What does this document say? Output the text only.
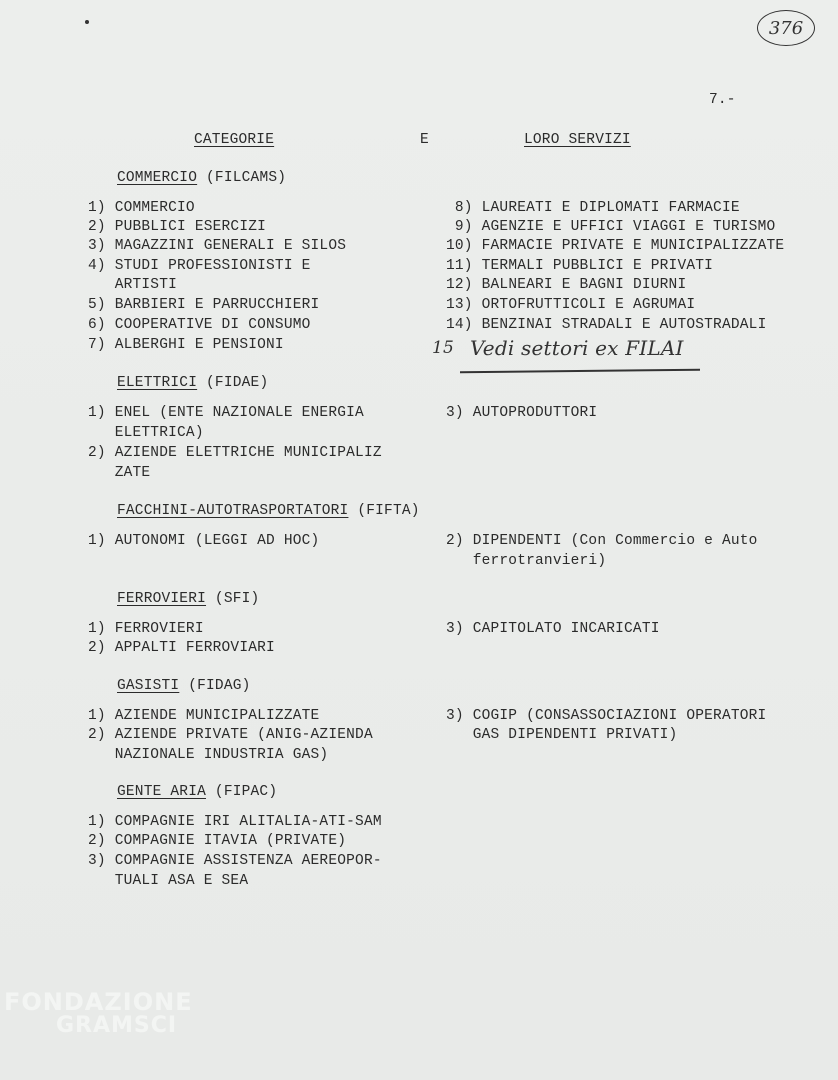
376
7.-
CATEGORIE	E	LORO SERVIZI
COMMERCIO (FILCAMS)
1) COMMERCIO
2) PUBBLICI ESERCIZI
3) MAGAZZINI GENERALI E SILOS
4) STUDI PROFESSIONISTI E
ARTISTI
5) BARBIERI E PARRUCCHIERI
6) COOPERATIVE DI CONSUMO
7) ALBERGHI E PENSIONI
8) LAUREATI E DIPLOMATI FARMACIE
9) AGENZIE E UFFICI VIAGGI E TURISMO
10) FARMACIE PRIVATE E MUNICIPALIZZATE
11) TERMALI PUBBLICI E PRIVATI
12) BALNEARI E BAGNI DIURNI
13) ORTOFRUTTICOLI E AGRUMAI
14) BENZINAI STRADALI E AUTOSTRADALI
15 Vedi settori ex FILAI
ELETTRICI (FIDAE)
1) ENEL (ENTE NAZIONALE ENERGIA
ELETTRICA)
2) AZIENDE ELETTRICHE MUNICIPALIZ
ZATE
3) AUTOPRODUTTORI
FACCHINI-AUTOTRASPORTATORI (FIFTA)
1) AUTONOMI (LEGGI AD HOC)	2) DIPENDENTI (Con Commercio e Auto
ferrotranvieri)
FERROVIERI (SFI)
1) FERROVIERI
2) APPALTI FERROVIARI
3) CAPITOLATO INCARICATI
GASISTI (FIDAG)
1) AZIENDE MUNICIPALIZZATE
2) AZIENDE PRIVATE (ANIG-AZIENDA
NAZIONALE INDUSTRIA GAS)
3) COGIP (CONSASSOCIAZIONI OPERATORI
GAS DIPENDENTI PRIVATI)
GENTE ARIA (FIPAC)
1) COMPAGNIE IRI ALITALIA-ATI-SAM
2) COMPAGNIE ITAVIA (PRIVATE)
3) COMPAGNIE ASSISTENZA AEREOPOR-
TUALI ASA E SEA
FONDAZIONE
GRAMSCI
